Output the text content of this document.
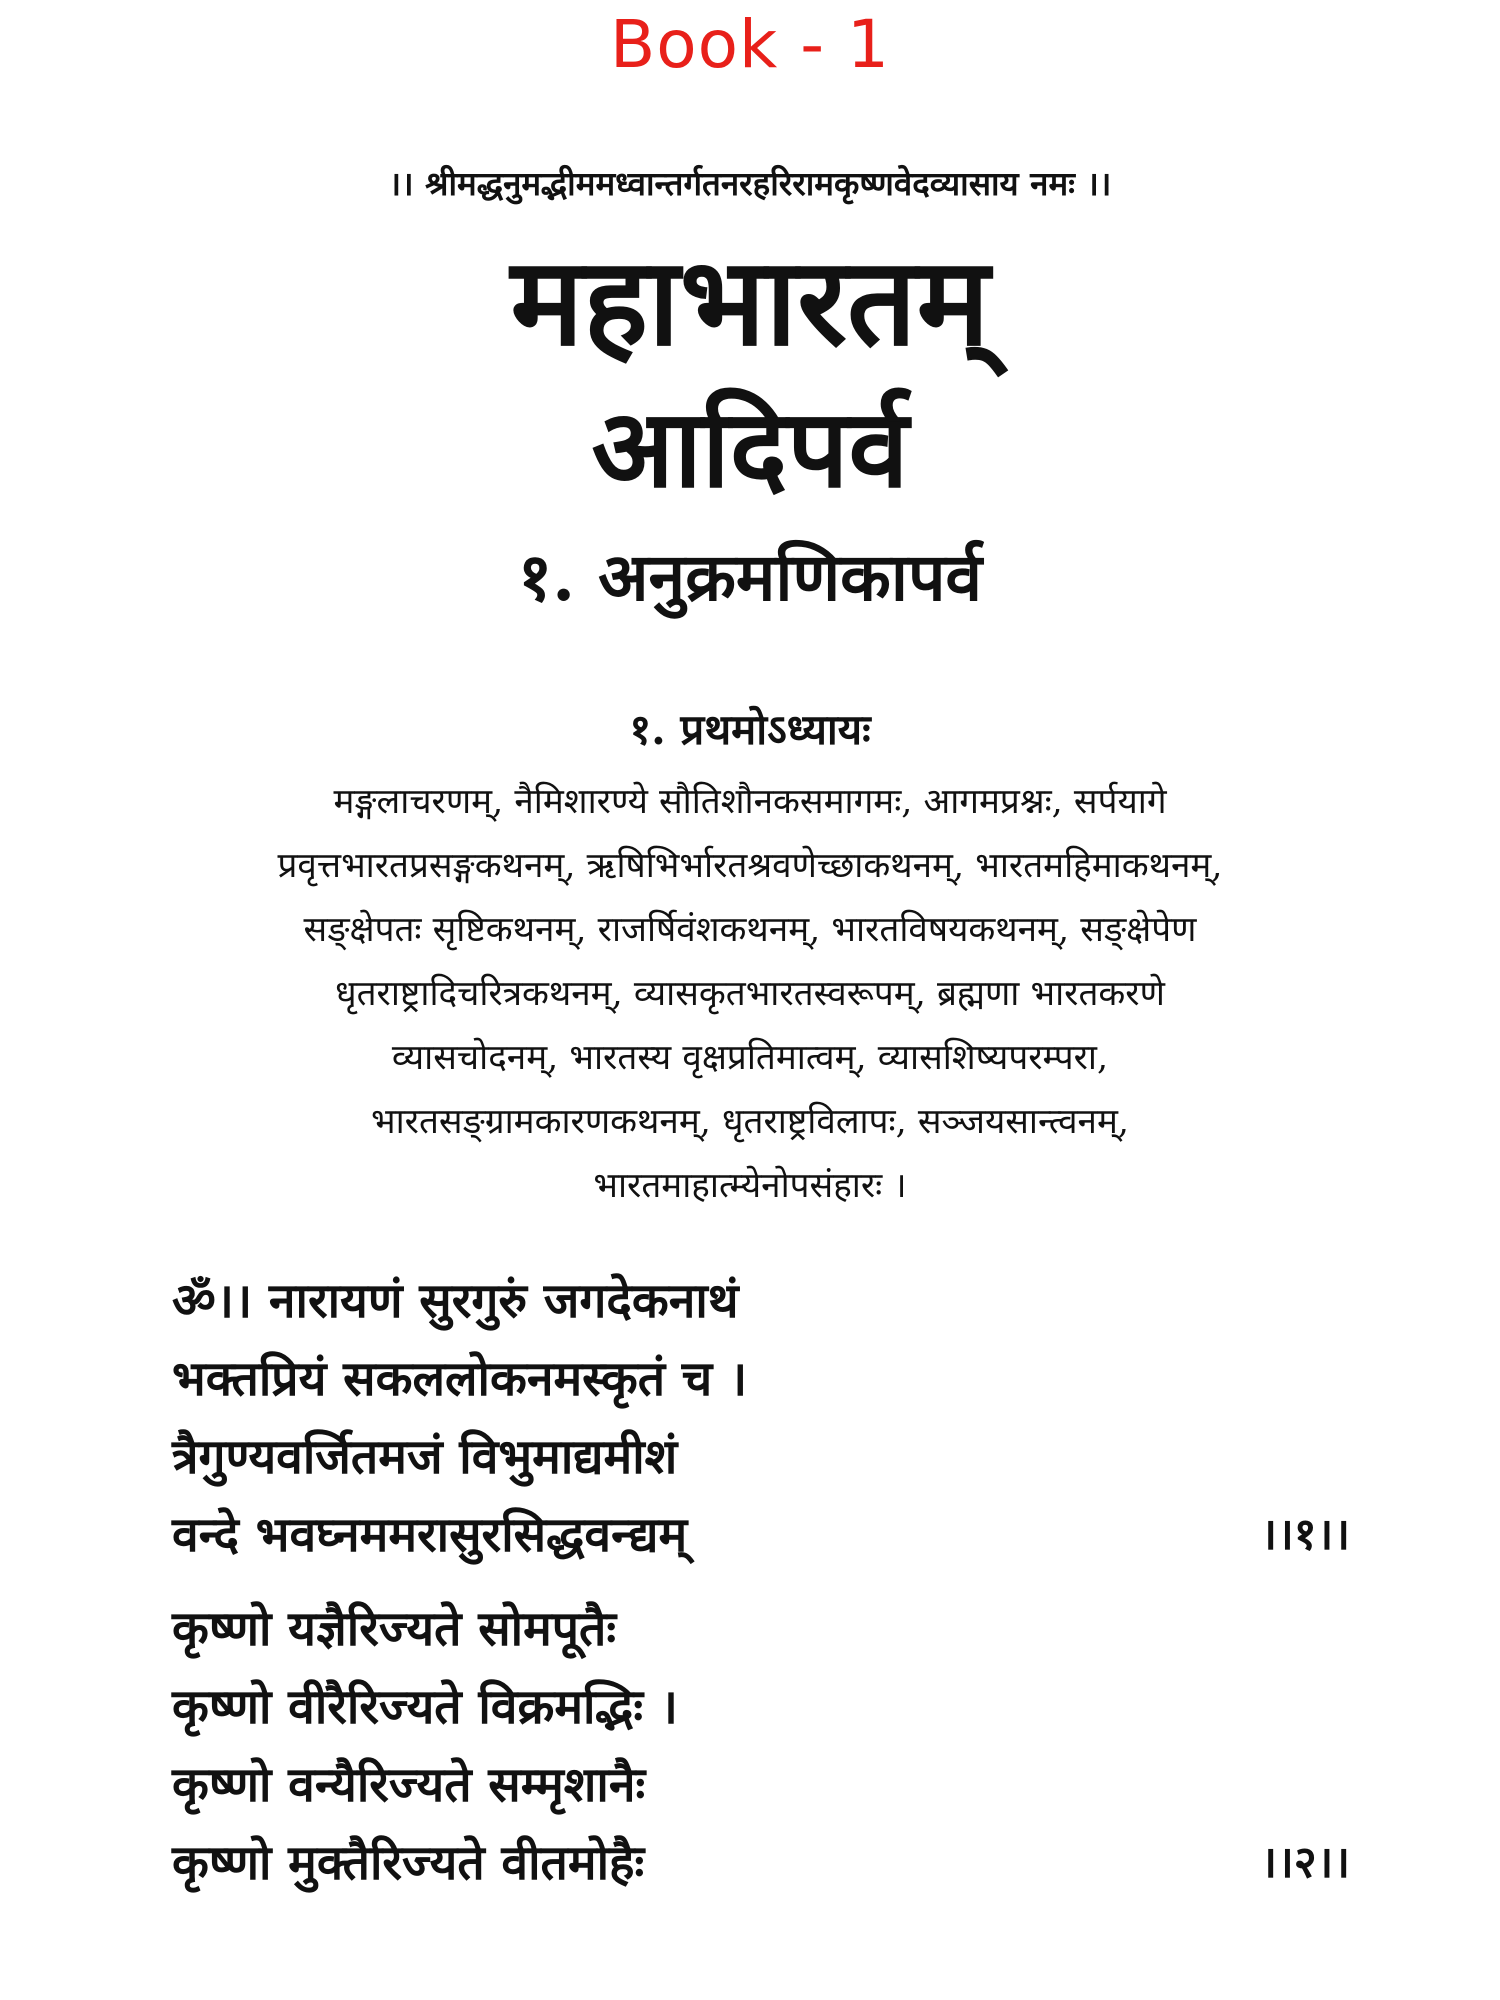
Book - 1
।। श्रीमद्धनुमद्भीममध्वान्तर्गतनरहरिरामकृष्णवेदव्यासाय नमः ।।
महाभारतम्
आदिपर्व
१. अनुक्रमणिकापर्व
१. प्रथमोऽध्यायः
मङ्गलाचरणम्, नैमिशारण्ये सौतिशौनकसमागमः, आगमप्रश्नः, सर्पयागे
प्रवृत्तभारतप्रसङ्गकथनम्, ऋषिभिर्भारतश्रवणेच्छाकथनम्, भारतमहिमाकथनम्,
सङ्क्षेपतः सृष्टिकथनम्, राजर्षिवंशकथनम्, भारतविषयकथनम्, सङ्क्षेपेण
धृतराष्ट्रादिचरित्रकथनम्, व्यासकृतभारतस्वरूपम्, ब्रह्मणा भारतकरणे
व्यासचोदनम्, भारतस्य वृक्षप्रतिमात्वम्, व्यासशिष्यपरम्परा,
भारतसङ्ग्रामकारणकथनम्, धृतराष्ट्रविलापः, सञ्जयसान्त्वनम्,
भारतमाहात्म्येनोपसंहारः ।
ॐ।। नारायणं सुरगुरुं जगदेकनाथं
भक्तप्रियं सकललोकनमस्कृतं च ।
त्रैगुण्यवर्जितमजं विभुमाद्यमीशं
वन्दे भवघ्नममरासुरसिद्धवन्द्यम्	।।१।।
कृष्णो यज्ञैरिज्यते सोमपूतैः
कृष्णो वीरैरिज्यते विक्रमद्भिः ।
कृष्णो वन्यैरिज्यते सम्मृशानैः
कृष्णो मुक्तैरिज्यते वीतमोहैः	।।२।।
